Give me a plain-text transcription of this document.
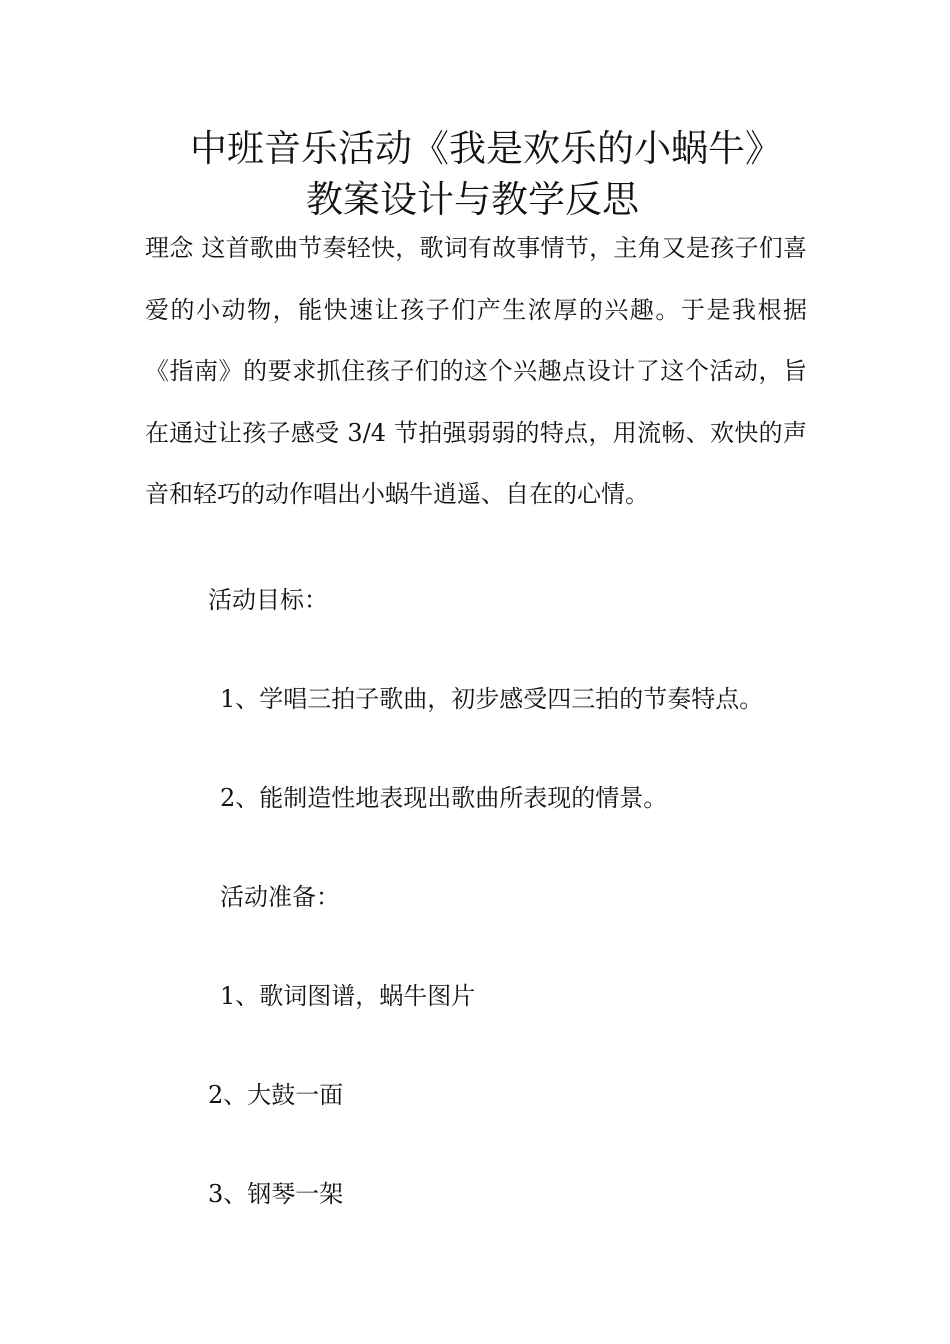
中班音乐活动《我是欢乐的小蜗牛》
教案设计与教学反思

理念 这首歌曲节奏轻快，歌词有故事情节，主角又是孩子们喜爱的小动物，能快速让孩子们产生浓厚的兴趣。于是我根据《指南》的要求抓住孩子们的这个兴趣点设计了这个活动，旨在通过让孩子感受 3/4 节拍强弱弱的特点，用流畅、欢快的声音和轻巧的动作唱出小蜗牛逍遥、自在的心情。

活动目标：
1、学唱三拍子歌曲，初步感受四三拍的节奏特点。
2、能制造性地表现出歌曲所表现的情景。
活动准备：
1、歌词图谱，蜗牛图片
2、大鼓一面
3、钢琴一架
